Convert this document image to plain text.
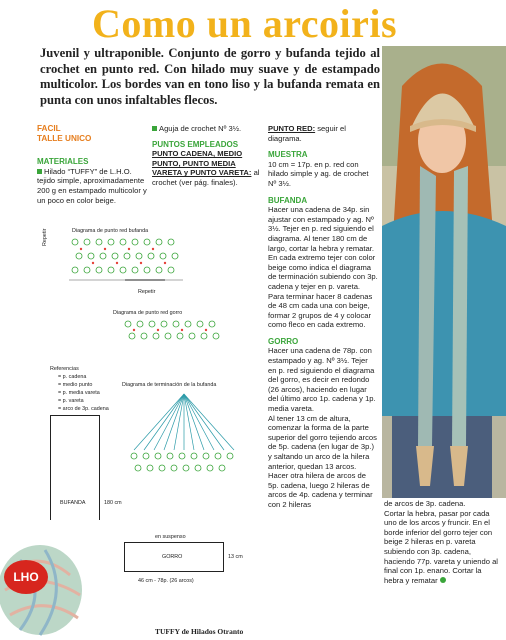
Como un arcoiris
Juvenil y ultraponible. Conjunto de gorro y bufanda tejido al crochet en punto red. Con hilado muy suave y de estampado multicolor. Los bordes van en tono liso y la bufanda remata en punta con unos infaltables flecos.

FACIL

TALLE UNICO

MATERIALES

Hilado “TUFFY” de L.H.O. tejido simple, aproximadamente 200 g en estampado multicolor y un poco en color beige.

Aguja de crochet Nº 3½.

PUNTOS EMPLEADOS

PUNTO CADENA, MEDIO PUNTO, PUNTO MEDIA VARETA y PUNTO VARETA: al crochet (ver pág. finales).

PUNTO RED: seguir el diagrama.

MUESTRA

10 cm = 17p. en p. red con hilado simple y ag. de crochet Nº 3½.

BUFANDA

Hacer una cadena de 34p. sin ajustar con estampado y ag. Nº 3½. Tejer en p. red siguiendo el diagrama. Al tener 180 cm de largo, cortar la hebra y rematar.

En cada extremo tejer con color beige como indica el diagrama de terminación subiendo con 3p. cadena y tejer en p. vareta.

Para terminar hacer 8 cadenas de 48 cm cada una con beige, formar 2 grupos de 4 y colocar como fleco en cada extremo.

GORRO

Hacer una cadena de 78p. con estampado y ag. Nº 3½. Tejer en p. red siguiendo el diagrama del gorro, es decir en redondo (26 arcos), haciendo en lugar del último arco 1p. cadena y 1p. media vareta.

Al tener 13 cm de altura, comenzar la forma de la parte superior del gorro tejiendo arcos de 5p. cadena (en lugar de 3p.) y saltando un arco de la hilera anterior, quedan 13 arcos. Hacer otra hilera de arcos de 5p. cadena, luego 2 hileras de arcos de 4p. cadena y terminar con 2 hileras	de arcos de 3p. cadena.

Cortar la hebra, pasar por cada uno de los arcos y fruncir. En el borde inferior del gorro tejer con beige 2 hileras en p. vareta subiendo con 3p. cadena, haciendo 77p. vareta y uniendo al final con 1p. enano. Cortar la hebra y rematar

Diagrama de punto red bufanda
Repetir
Repetir
Diagrama de punto red gorro
Referencias
= p. cadena
= medio punto
= p. media vareta
= p. vareta
= arco de 3p. cadena
Diagrama de terminación de la bufanda
BUFANDA	180 cm
en suspenso
GORRO	13 cm
46 cm - 78p. (26 arcos)
LHO
TUFFY de Hilados Otranto
